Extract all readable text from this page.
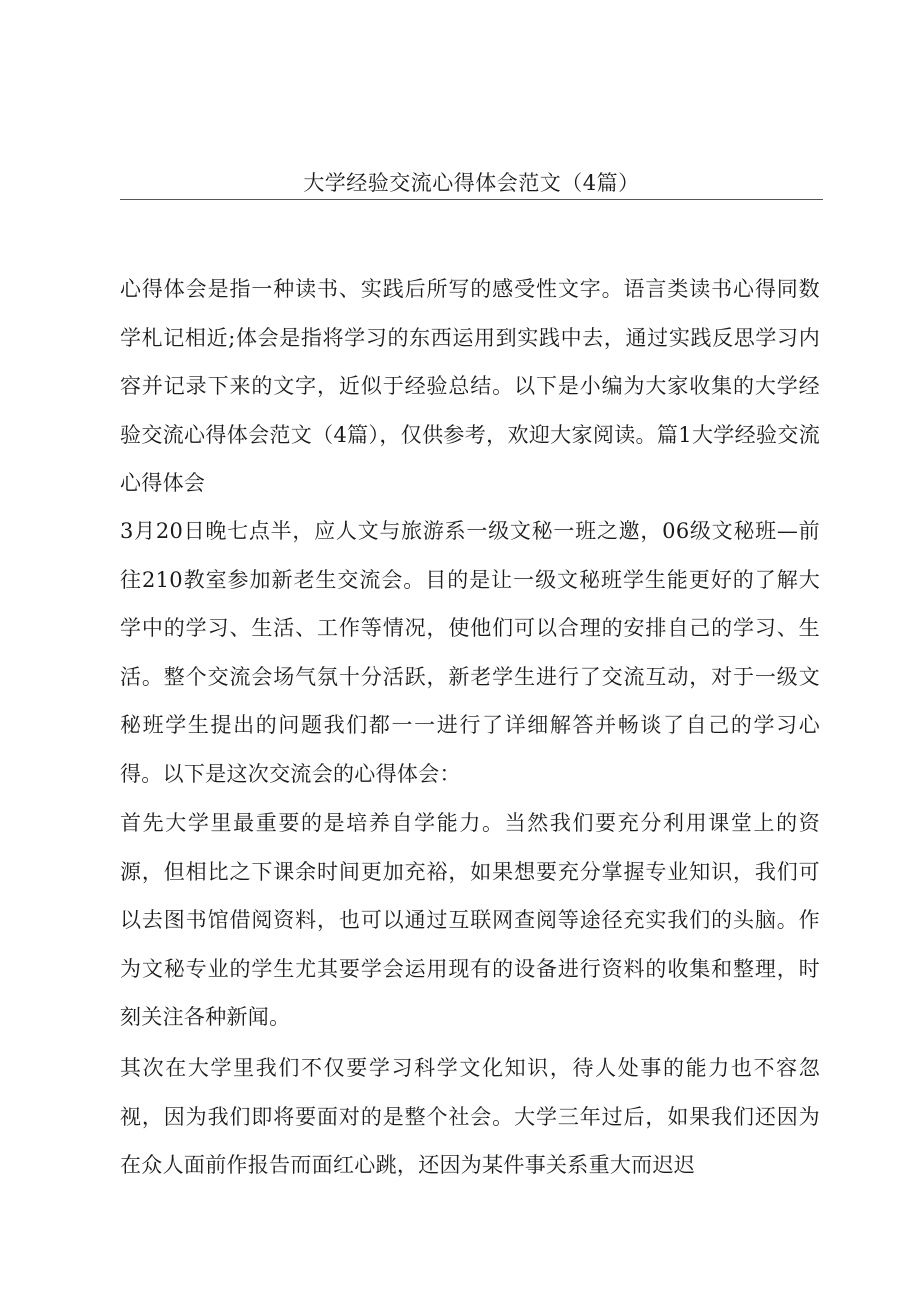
大学经验交流心得体会范文（4篇）
心得体会是指一种读书、实践后所写的感受性文字。语言类读书心得同数学札记相近;体会是指将学习的东西运用到实践中去，通过实践反思学习内容并记录下来的文字，近似于经验总结。以下是小编为大家收集的大学经验交流心得体会范文（4篇），仅供参考，欢迎大家阅读。篇1大学经验交流心得体会
3月20日晚七点半，应人文与旅游系一级文秘一班之邀，06级文秘班—前往210教室参加新老生交流会。目的是让一级文秘班学生能更好的了解大学中的学习、生活、工作等情况，使他们可以合理的安排自己的学习、生活。整个交流会场气氛十分活跃，新老学生进行了交流互动，对于一级文秘班学生提出的问题我们都一一进行了详细解答并畅谈了自己的学习心得。以下是这次交流会的心得体会：
首先大学里最重要的是培养自学能力。当然我们要充分利用课堂上的资源，但相比之下课余时间更加充裕，如果想要充分掌握专业知识，我们可以去图书馆借阅资料，也可以通过互联网查阅等途径充实我们的头脑。作为文秘专业的学生尤其要学会运用现有的设备进行资料的收集和整理，时刻关注各种新闻。
其次在大学里我们不仅要学习科学文化知识，待人处事的能力也不容忽视，因为我们即将要面对的是整个社会。大学三年过后，如果我们还因为在众人面前作报告而面红心跳，还因为某件事关系重大而迟迟
